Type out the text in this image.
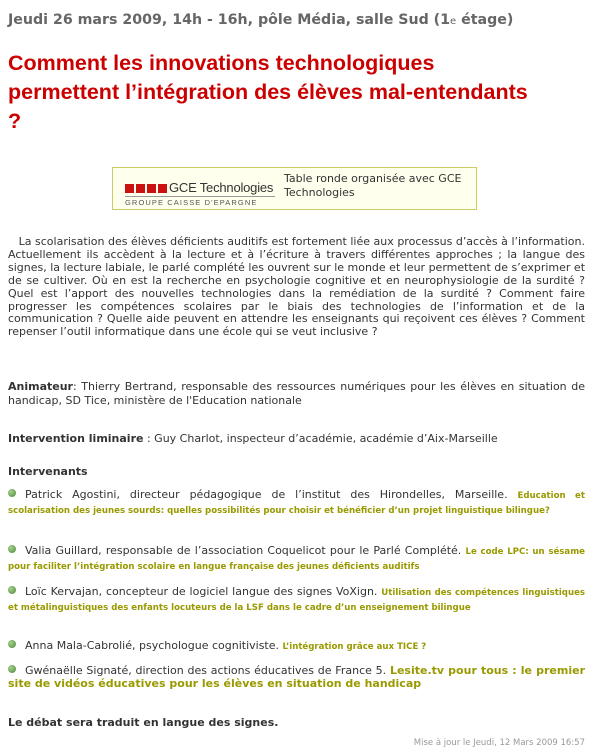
Jeudi 26 mars 2009, 14h - 16h, pôle Média, salle Sud (1e étage)
Comment les innovations technologiques permettent l’intégration des élèves mal-entendants ?
GCE Technologies
GROUPE CAISSE D'EPARGNE
Table ronde organisée avec GCE Technologies

La scolarisation des élèves déficients auditifs est fortement liée aux processus d’accès à l’information. Actuellement ils accèdent à la lecture et à l’écriture à travers différentes approches ; la langue des signes, la lecture labiale, le parlé complété les ouvrent sur le monde et leur permettent de s’exprimer et de se cultiver. Où en est la recherche en psychologie cognitive et en neurophysiologie de la surdité ? Quel est l’apport des nouvelles technologies dans la remédiation de la surdité ? Comment faire progresser les compétences scolaires par le biais des technologies de l’information et de la communication ? Quelle aide peuvent en attendre les enseignants qui reçoivent ces élèves ? Comment repenser l’outil informatique dans une école qui se veut inclusive ?

Animateur: Thierry Bertrand, responsable des ressources numériques pour les élèves en situation de handicap, SD Tice, ministère de l'Education nationale

Intervention liminaire : Guy Charlot, inspecteur d’académie, académie d’Aix-Marseille

Intervenants

Patrick Agostini, directeur pédagogique de l’institut des Hirondelles, Marseille. Education et scolarisation des jeunes sourds: quelles possibilités pour choisir et bénéficier d’un projet linguistique bilingue?

Valia Guillard, responsable de l’association Coquelicot pour le Parlé Complété. Le code LPC: un sésame pour faciliter l’intégration scolaire en langue française des jeunes déficients auditifs

Loïc Kervajan, concepteur de logiciel langue des signes VoXign. Utilisation des compétences linguistiques et métalinguistiques des enfants locuteurs de la LSF dans le cadre d’un enseignement bilingue

Anna Mala-Cabrolié, psychologue cognitiviste. L’intégration grâce aux TICE ?

Gwénaëlle Signaté, direction des actions éducatives de France 5. Lesite.tv pour tous : le premier site de vidéos éducatives pour les élèves en situation de handicap

Le débat sera traduit en langue des signes.
Mise à jour le Jeudi, 12 Mars 2009 16:57
